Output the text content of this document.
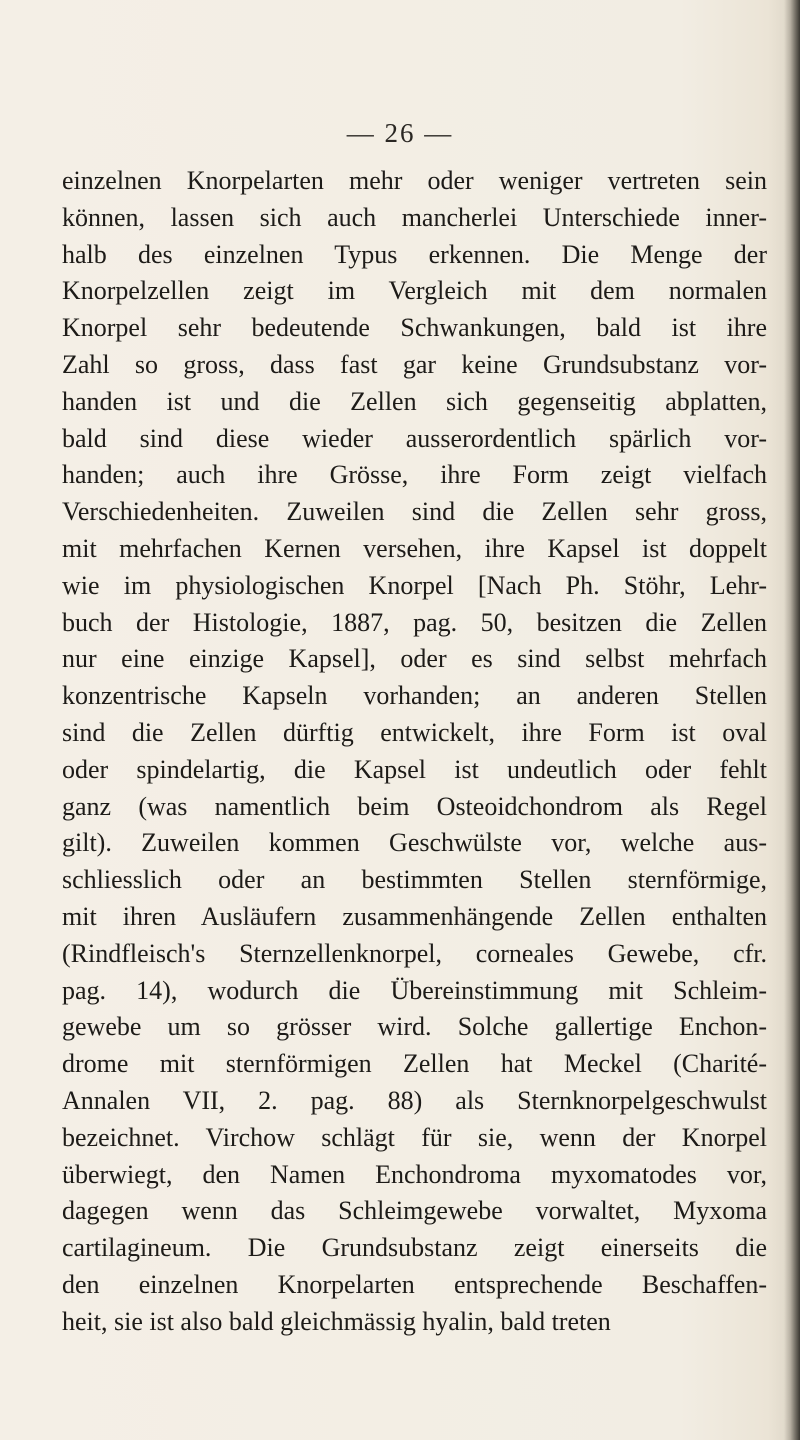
— 26 —
einzelnen Knorpelarten mehr oder weniger vertreten sein
können, lassen sich auch mancherlei Unterschiede inner-
halb des einzelnen Typus erkennen. Die Menge der
Knorpelzellen zeigt im Vergleich mit dem normalen
Knorpel sehr bedeutende Schwankungen, bald ist ihre
Zahl so gross, dass fast gar keine Grundsubstanz vor-
handen ist und die Zellen sich gegenseitig abplatten,
bald sind diese wieder ausserordentlich spärlich vor-
handen; auch ihre Grösse, ihre Form zeigt vielfach
Verschiedenheiten. Zuweilen sind die Zellen sehr gross,
mit mehrfachen Kernen versehen, ihre Kapsel ist doppelt
wie im physiologischen Knorpel [Nach Ph. Stöhr, Lehr-
buch der Histologie, 1887, pag. 50, besitzen die Zellen
nur eine einzige Kapsel], oder es sind selbst mehrfach
konzentrische Kapseln vorhanden; an anderen Stellen
sind die Zellen dürftig entwickelt, ihre Form ist oval
oder spindelartig, die Kapsel ist undeutlich oder fehlt
ganz (was namentlich beim Osteoidchondrom als Regel
gilt). Zuweilen kommen Geschwülste vor, welche aus-
schliesslich oder an bestimmten Stellen sternförmige,
mit ihren Ausläufern zusammenhängende Zellen enthalten
(Rindfleisch's Sternzellenknorpel, corneales Gewebe, cfr.
pag. 14), wodurch die Übereinstimmung mit Schleim-
gewebe um so grösser wird. Solche gallertige Enchon-
drome mit sternförmigen Zellen hat Meckel (Charité-
Annalen VII, 2. pag. 88) als Sternknorpelgeschwulst
bezeichnet. Virchow schlägt für sie, wenn der Knorpel
überwiegt, den Namen Enchondroma myxomatodes vor,
dagegen wenn das Schleimgewebe vorwaltet, Myxoma
cartilagineum. Die Grundsubstanz zeigt einerseits die
den einzelnen Knorpelarten entsprechende Beschaffen-
heit, sie ist also bald gleichmässig hyalin, bald treten
